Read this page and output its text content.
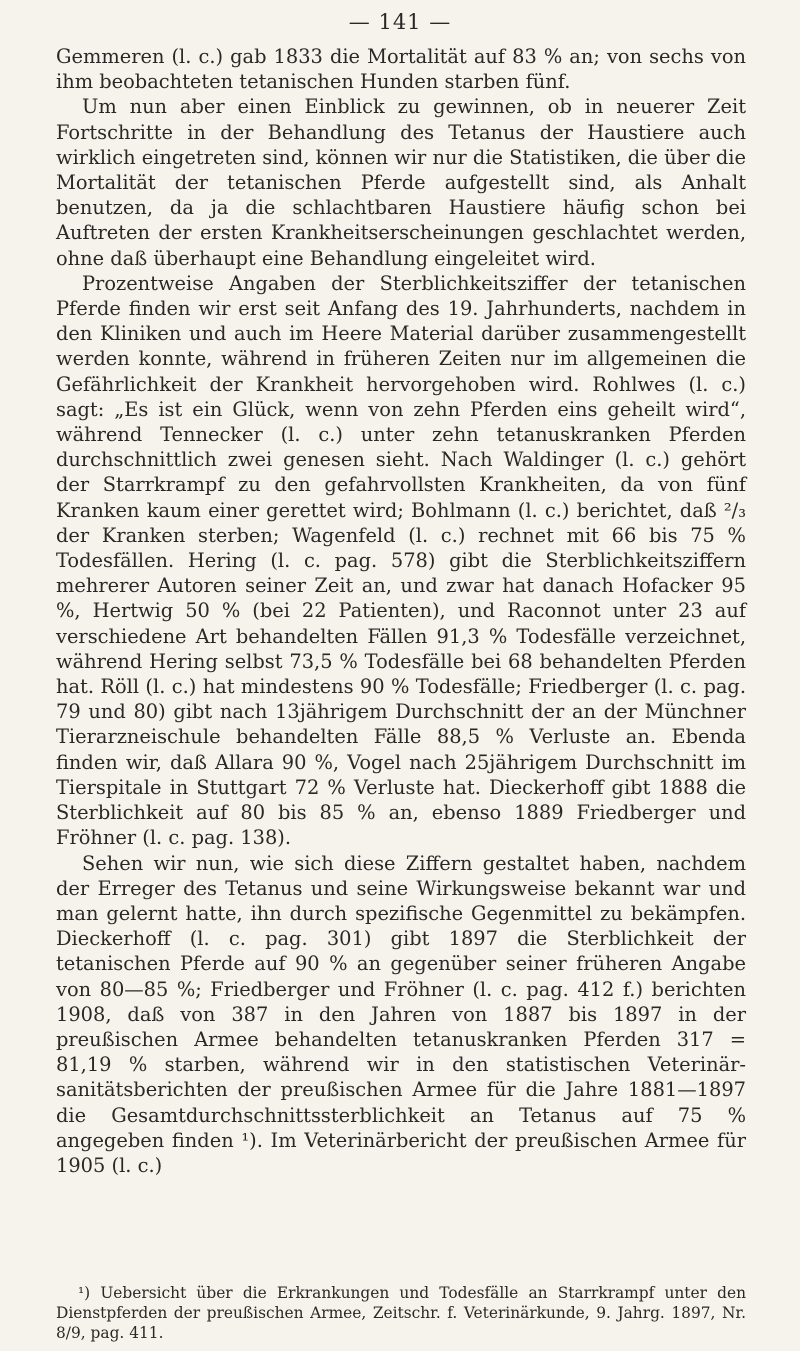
— 141 —

Gemmeren (l. c.) gab 1833 die Mortalität auf 83 % an; von sechs von ihm beobachteten tetanischen Hunden starben fünf.

Um nun aber einen Einblick zu gewinnen, ob in neuerer Zeit Fortschritte in der Behandlung des Tetanus der Haustiere auch wirklich eingetreten sind, können wir nur die Statistiken, die über die Mortalität der tetanischen Pferde aufgestellt sind, als Anhalt benutzen, da ja die schlachtbaren Haustiere häufig schon bei Auftreten der ersten Krankheitserscheinungen geschlachtet werden, ohne daß überhaupt eine Behandlung eingeleitet wird.

Prozentweise Angaben der Sterblichkeitsziffer der tetanischen Pferde finden wir erst seit Anfang des 19. Jahrhunderts, nachdem in den Kliniken und auch im Heere Material darüber zusammengestellt werden konnte, während in früheren Zeiten nur im allgemeinen die Gefährlichkeit der Krankheit hervorgehoben wird. Rohlwes (l. c.) sagt: „Es ist ein Glück, wenn von zehn Pferden eins geheilt wird“, während Tennecker (l. c.) unter zehn tetanuskranken Pferden durchschnittlich zwei genesen sieht. Nach Waldinger (l. c.) gehört der Starrkrampf zu den gefahrvollsten Krankheiten, da von fünf Kranken kaum einer gerettet wird; Bohlmann (l. c.) berichtet, daß ²/₃ der Kranken sterben; Wagenfeld (l. c.) rechnet mit 66 bis 75 % Todesfällen. Hering (l. c. pag. 578) gibt die Sterblichkeitsziffern mehrerer Autoren seiner Zeit an, und zwar hat danach Hofacker 95 %, Hertwig 50 % (bei 22 Patienten), und Raconnot unter 23 auf verschiedene Art behandelten Fällen 91,3 % Todesfälle verzeichnet, während Hering selbst 73,5 % Todesfälle bei 68 behandelten Pferden hat. Röll (l. c.) hat mindestens 90 % Todesfälle; Friedberger (l. c. pag. 79 und 80) gibt nach 13jährigem Durchschnitt der an der Münchner Tierarzneischule behandelten Fälle 88,5 % Verluste an. Ebenda finden wir, daß Allara 90 %, Vogel nach 25jährigem Durchschnitt im Tierspitale in Stuttgart 72 % Verluste hat. Dieckerhoff gibt 1888 die Sterblichkeit auf 80 bis 85 % an, ebenso 1889 Friedberger und Fröhner (l. c. pag. 138).

Sehen wir nun, wie sich diese Ziffern gestaltet haben, nachdem der Erreger des Tetanus und seine Wirkungsweise bekannt war und man gelernt hatte, ihn durch spezifische Gegenmittel zu bekämpfen. Dieckerhoff (l. c. pag. 301) gibt 1897 die Sterblichkeit der tetanischen Pferde auf 90 % an gegenüber seiner früheren Angabe von 80—85 %; Friedberger und Fröhner (l. c. pag. 412 f.) berichten 1908, daß von 387 in den Jahren von 1887 bis 1897 in der preußischen Armee behandelten tetanuskranken Pferden 317 = 81,19 % starben, während wir in den statistischen Veterinär-sanitätsberichten der preußischen Armee für die Jahre 1881—1897 die Gesamtdurchschnittssterblichkeit an Tetanus auf 75 % angegeben finden ¹). Im Veterinärbericht der preußischen Armee für 1905 (l. c.)

¹) Uebersicht über die Erkrankungen und Todesfälle an Starrkrampf unter den Dienstpferden der preußischen Armee, Zeitschr. f. Veterinärkunde, 9. Jahrg. 1897, Nr. 8/9, pag. 411.
